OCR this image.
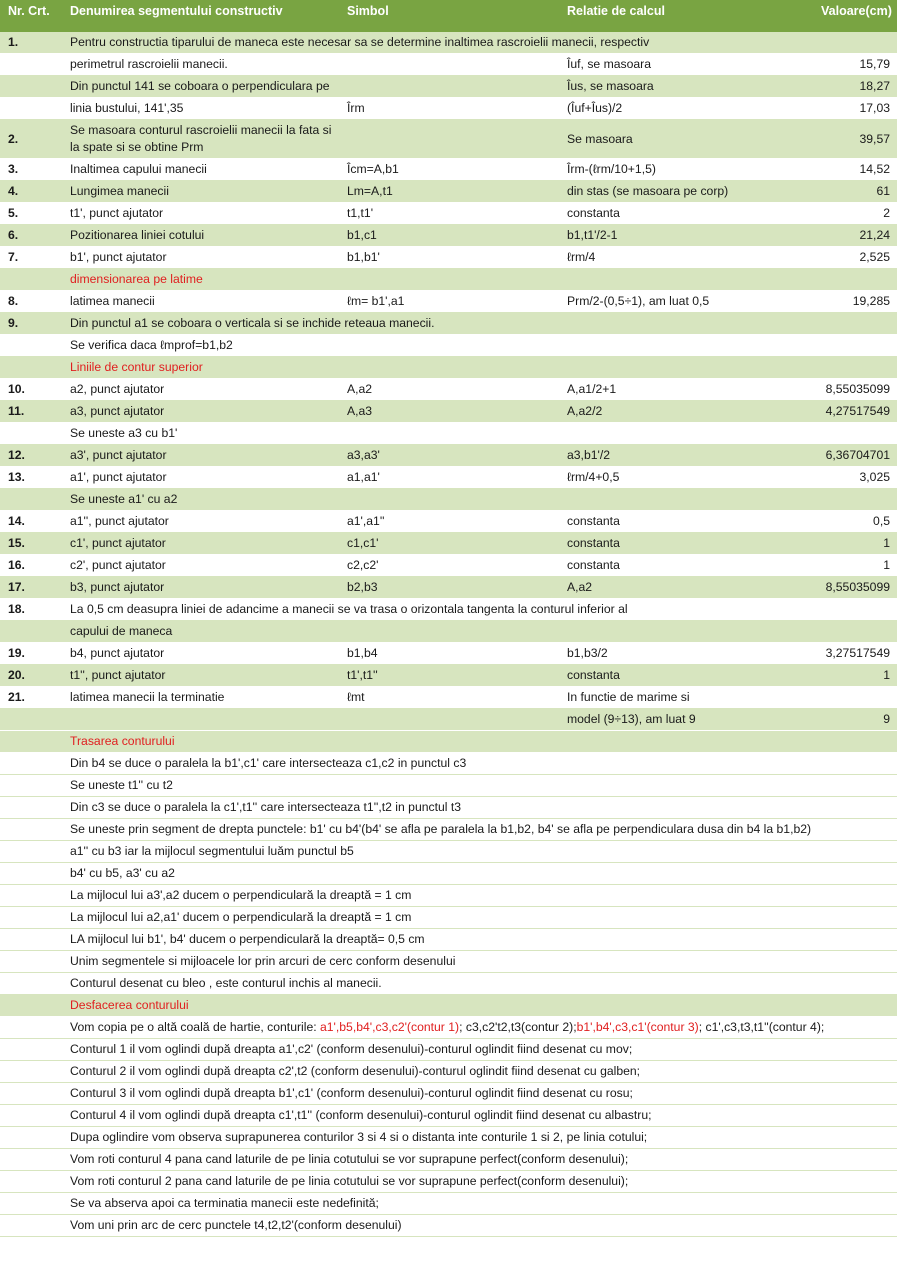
Nr. Crt.	Denumirea segmentului constructiv	Simbol	Relatie de calcul	Valoare(cm)
1.	Pentru constructia tiparului de maneca este necesar sa se determine inaltimea rascroielii manecii, respectiv			
	perimetrul rascroielii manecii.		Îuf, se masoara	15,79
	Din punctul 141 se coboara o perpendiculara pe		Îus, se masoara	18,27
	linia bustului, 141',35	Îrm	(Îuf+Îus)/2	17,03
2.	Se masoara conturul rascroielii manecii la fata si la spate si se obtine Prm		Se masoara	39,57
3.	Inaltimea capului manecii	Îcm=A,b1	Îrm-(ℓrm/10+1,5)	14,52
4.	Lungimea manecii	Lm=A,t1	din stas (se masoara pe corp)	61
5.	t1', punct ajutator	t1,t1'	constanta	2
6.	Pozitionarea liniei cotului	b1,c1	b1,t1'/2-1	21,24
7.	b1', punct ajutator	b1,b1'	ℓrm/4	2,525
	dimensionarea pe latime			
8.	latimea manecii	ℓm= b1',a1	Prm/2-(0,5÷1), am luat 0,5	19,285
9.	Din punctul a1 se coboara o verticala si se inchide reteaua manecii.			
	Se verifica daca ℓmprof=b1,b2			
	Liniile de contur superior			
10.	a2, punct ajutator	A,a2	A,a1/2+1	8,55035099
11.	a3, punct ajutator	A,a3	A,a2/2	4,27517549
	Se uneste a3 cu b1'			
12.	a3', punct ajutator	a3,a3'	a3,b1'/2	6,36704701
13.	a1', punct ajutator	a1,a1'	ℓrm/4+0,5	3,025
	Se uneste a1' cu a2			
14.	a1'', punct ajutator	a1',a1''	constanta	0,5
15.	c1', punct ajutator	c1,c1'	constanta	1
16.	c2', punct ajutator	c2,c2'	constanta	1
17.	b3, punct ajutator	b2,b3	A,a2	8,55035099
18.	La 0,5 cm deasupra liniei de adancime a manecii se va trasa o orizontala tangenta la conturul inferior al			
	capului de maneca			
19.	b4, punct ajutator	b1,b4	b1,b3/2	3,27517549
20.	t1'', punct ajutator	t1',t1''	constanta	1
21.	latimea manecii la terminatie	ℓmt	In functie de marime si	
			model (9÷13), am luat 9	9
	Trasarea conturului			
	Din b4 se duce o paralela la b1',c1' care intersecteaza c1,c2 in punctul c3			
	Se uneste t1'' cu t2			
	Din c3 se duce o paralela la c1',t1'' care intersecteaza t1'',t2 in punctul t3			
	Se uneste prin segment de drepta punctele: b1' cu b4'(b4' se afla pe paralela la b1,b2, b4' se afla pe perpendiculara dusa din b4 la b1,b2)			
	a1'' cu b3 iar la mijlocul segmentului luăm punctul b5			
	b4' cu b5, a3' cu a2			
	La mijlocul lui a3',a2 ducem o perpendiculară la dreaptă = 1 cm			
	La mijlocul lui a2,a1' ducem o perpendiculară la dreaptă = 1 cm			
	LA mijlocul lui b1', b4' ducem o perpendiculară la dreaptă= 0,5 cm			
	Unim segmentele si mijloacele lor prin arcuri de cerc conform desenului			
	Conturul desenat cu bleo , este conturul inchis al manecii.			
	Desfacerea conturului			
	Vom copia pe o altă coală de hartie, conturile: a1',b5,b4',c3,c2'(contur 1); c3,c2't2,t3(contur 2);b1',b4',c3,c1'(contur 3); c1',c3,t3,t1''(contur 4);			
	Conturul 1 il vom oglindi după dreapta a1',c2' (conform desenului)-conturul oglindit fiind desenat cu mov;			
	Conturul 2 il vom oglindi după dreapta c2',t2 (conform desenului)-conturul oglindit fiind desenat cu galben;			
	Conturul 3 il vom oglindi după dreapta b1',c1' (conform desenului)-conturul oglindit fiind desenat cu rosu;			
	Conturul 4 il vom oglindi după dreapta c1',t1'' (conform desenului)-conturul oglindit fiind desenat cu albastru;			
	Dupa oglindire vom observa suprapunerea conturilor 3 si 4 si o distanta inte conturile 1 si 2, pe linia cotului;			
	Vom roti conturul 4 pana cand laturile de pe linia cotutului se vor suprapune perfect(conform desenului);			
	Vom roti conturul 2 pana cand laturile de pe linia cotutului se vor suprapune perfect(conform desenului);			
	Se va abserva apoi ca terminatia manecii este nedefinită;			
	Vom uni prin arc de cerc punctele t4,t2,t2'(conform desenului)			
